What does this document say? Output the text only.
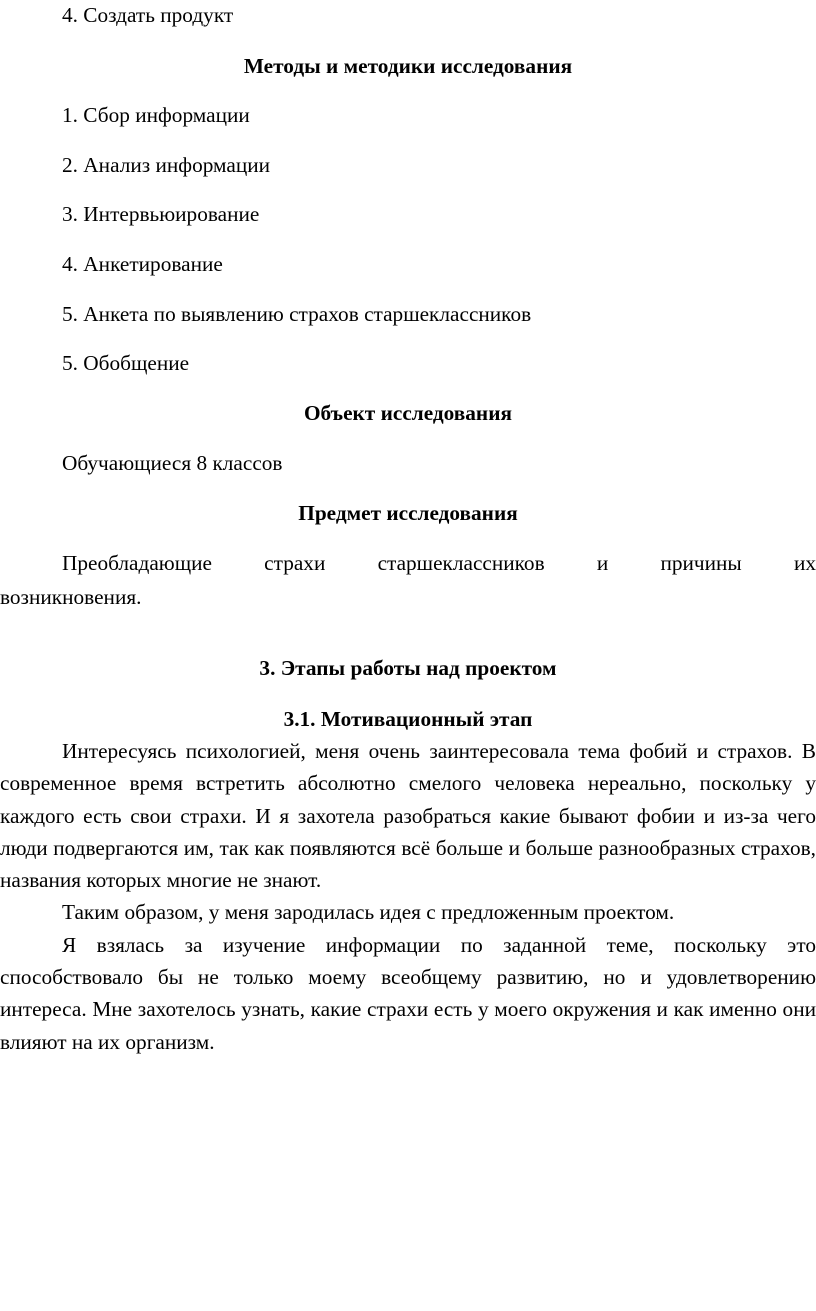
4. Создать продукт
Методы и методики исследования
1. Сбор информации
2. Анализ информации
3. Интервьюирование
4. Анкетирование
5. Анкета по выявлению страхов старшеклассников
5. Обобщение
Объект исследования
Обучающиеся 8 классов
Предмет исследования
Преобладающие страхи старшеклассников и причины их
возникновения.
3. Этапы работы над проектом
3.1. Мотивационный этап

Интересуясь психологией, меня очень заинтересовала тема фобий и страхов. В современное время встретить абсолютно смелого человека нереально, поскольку у каждого есть свои страхи. И я захотела разобраться какие бывают фобии и из-за чего люди подвергаются им, так как появляются всё больше и больше разнообразных страхов, названия которых многие не знают.

Таким образом, у меня зародилась идея с предложенным проектом.

Я взялась за изучение информации по заданной теме, поскольку это способствовало бы не только моему всеобщему развитию, но и удовлетворению интереса. Мне захотелось узнать, какие страхи есть у моего окружения и как именно они влияют на их организм.
